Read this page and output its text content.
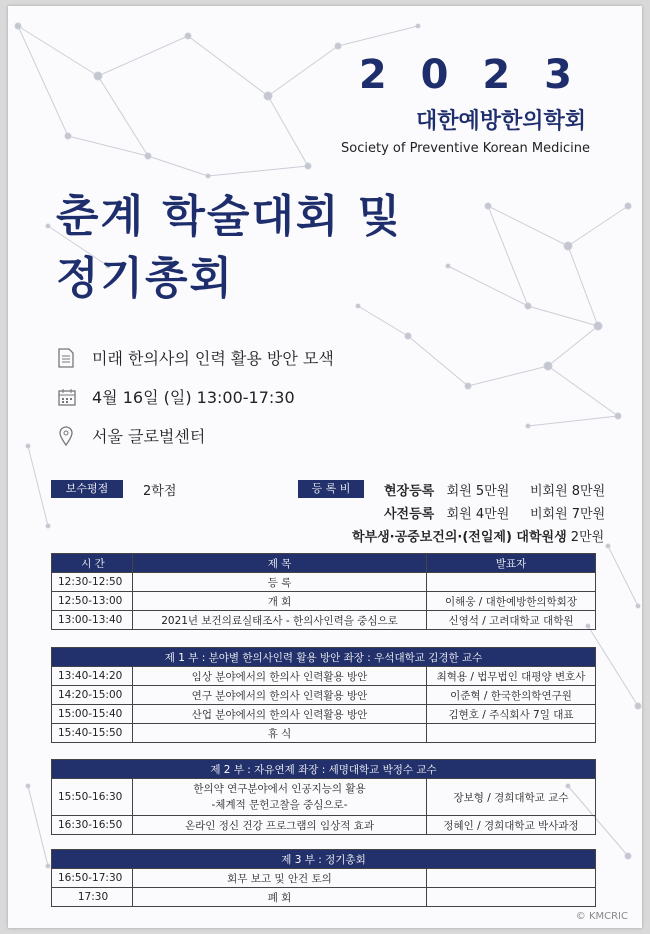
2 0 2 3
대한예방한의학회
Society of Preventive Korean Medicine
춘계 학술대회 및
정기총회
미래 한의사의 인력 활용 방안 모색
4월 16일 (일) 13:00-17:30
서울 글로벌센터
보수평점	2학점	등 록 비	현장등록 회원 5만원 비회원 8만원
사전등록 회원 4만원 비회원 7만원
학부생·공중보건의·(전일제) 대학원생 2만원
시 간	제 목	발표자
12:30-12:50	등 록	
12:50-13:00	개 회	이해웅 / 대한예방한의학회장
13:00-13:40	2021년 보건의료실태조사 - 한의사인력을 중심으로	신영석 / 고려대학교 대학원
제 1 부 : 분야별 한의사인력 활용 방안 좌장 : 우석대학교 김경한 교수		
13:40-14:20	임상 분야에서의 한의사 인력활용 방안	최혁용 / 법무법인 대평양 변호사
14:20-15:00	연구 분야에서의 한의사 인력활용 방안	이준혁 / 한국한의학연구원
15:00-15:40	산업 분야에서의 한의사 인력활용 방안	김현호 / 주식회사 7일 대표
15:40-15:50	휴 식	
제 2 부 : 자유연제 좌장 : 세명대학교 박정수 교수		
15:50-16:30	한의약 연구분야에서 인공지능의 활용
-체계적 문헌고찰을 중심으로-	장보형 / 경희대학교 교수
16:30-16:50	온라인 정신 건강 프로그램의 임상적 효과	정혜인 / 경희대학교 박사과정
제 3 부 : 정기총회		
16:50-17:30	회무 보고 및 안건 토의	
17:30	폐 회	
© KMCRIC
